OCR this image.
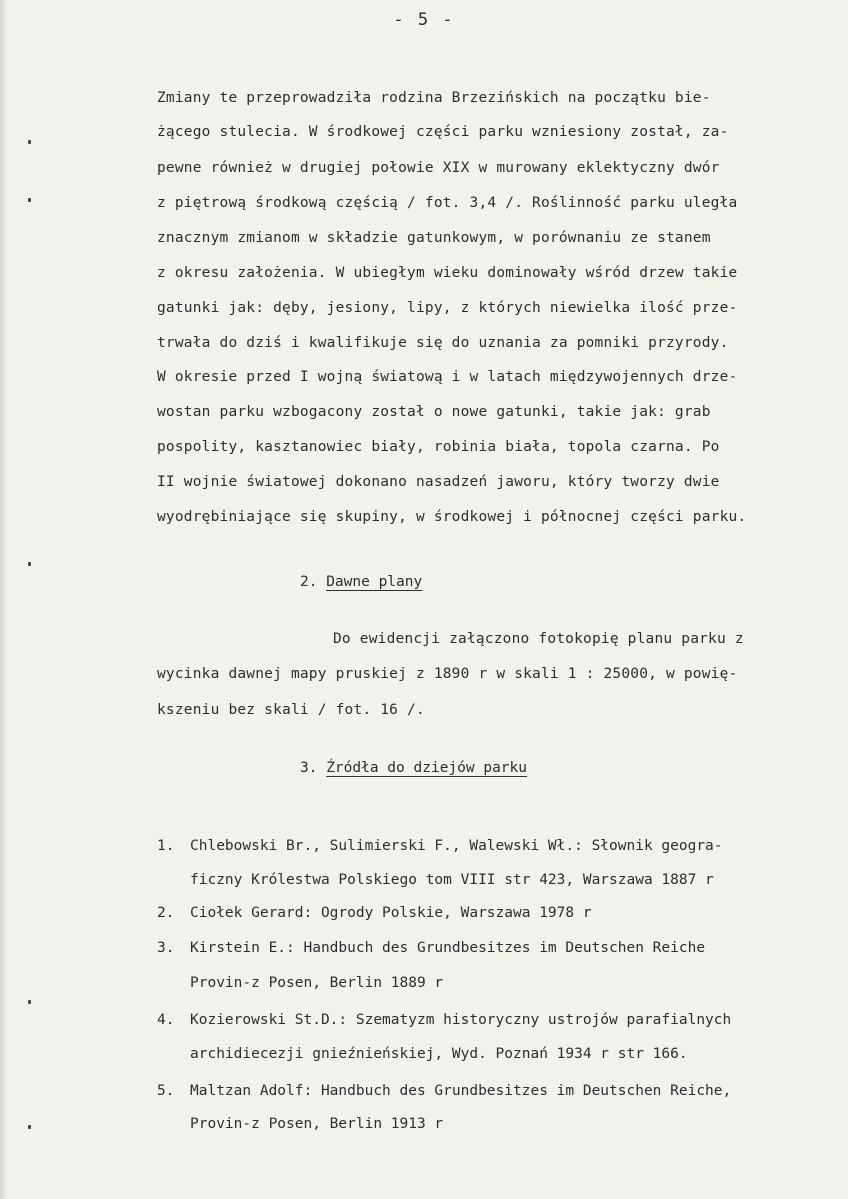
- 5 -
Zmiany te przeprowadziła rodzina Brzezińskich na początku bie-
żącego stulecia. W środkowej części parku wzniesiony został, za-
pewne również w drugiej połowie XIX w murowany eklektyczny dwór
z piętrową środkową częścią / fot. 3,4 /. Roślinność parku uległa
znacznym zmianom w składzie gatunkowym, w porównaniu ze stanem
z okresu założenia. W ubiegłym wieku dominowały wśród drzew takie
gatunki jak: dęby, jesiony, lipy, z których niewielka ilość prze-
trwała do dziś i kwalifikuje się do uznania za pomniki przyrody.
W okresie przed I wojną światową i w latach międzywojennych drze-
wostan parku wzbogacony został o nowe gatunki, takie jak: grab
pospolity, kasztanowiec biały, robinia biała, topola czarna. Po
II wojnie światowej dokonano nasadzeń jaworu, który tworzy dwie
wyodrębiniające się skupiny, w środkowej i północnej części parku.
2. Dawne plany
Do ewidencji załączono fotokopię planu parku z
wycinka dawnej mapy pruskiej z 1890 r w skali 1 : 25000, w powię-
kszeniu bez skali / fot. 16 /.
3. Źródła do dziejów parku
1. Chlebowski Br., Sulimierski F., Walewski Wł.: Słownik geogra-
ficzny Królestwa Polskiego tom VIII str 423, Warszawa 1887 r
2. Ciołek Gerard: Ogrody Polskie, Warszawa 1978 r
3. Kirstein E.: Handbuch des Grundbesitzes im Deutschen Reiche
Provin-z Posen, Berlin 1889 r
4. Kozierowski St.D.: Szematyzm historyczny ustrojów parafialnych
archidiecezji gnieźnieńskiej, Wyd. Poznań 1934 r str 166.
5. Maltzan Adolf: Handbuch des Grundbesitzes im Deutschen Reiche,
Provin-z Posen, Berlin 1913 r
